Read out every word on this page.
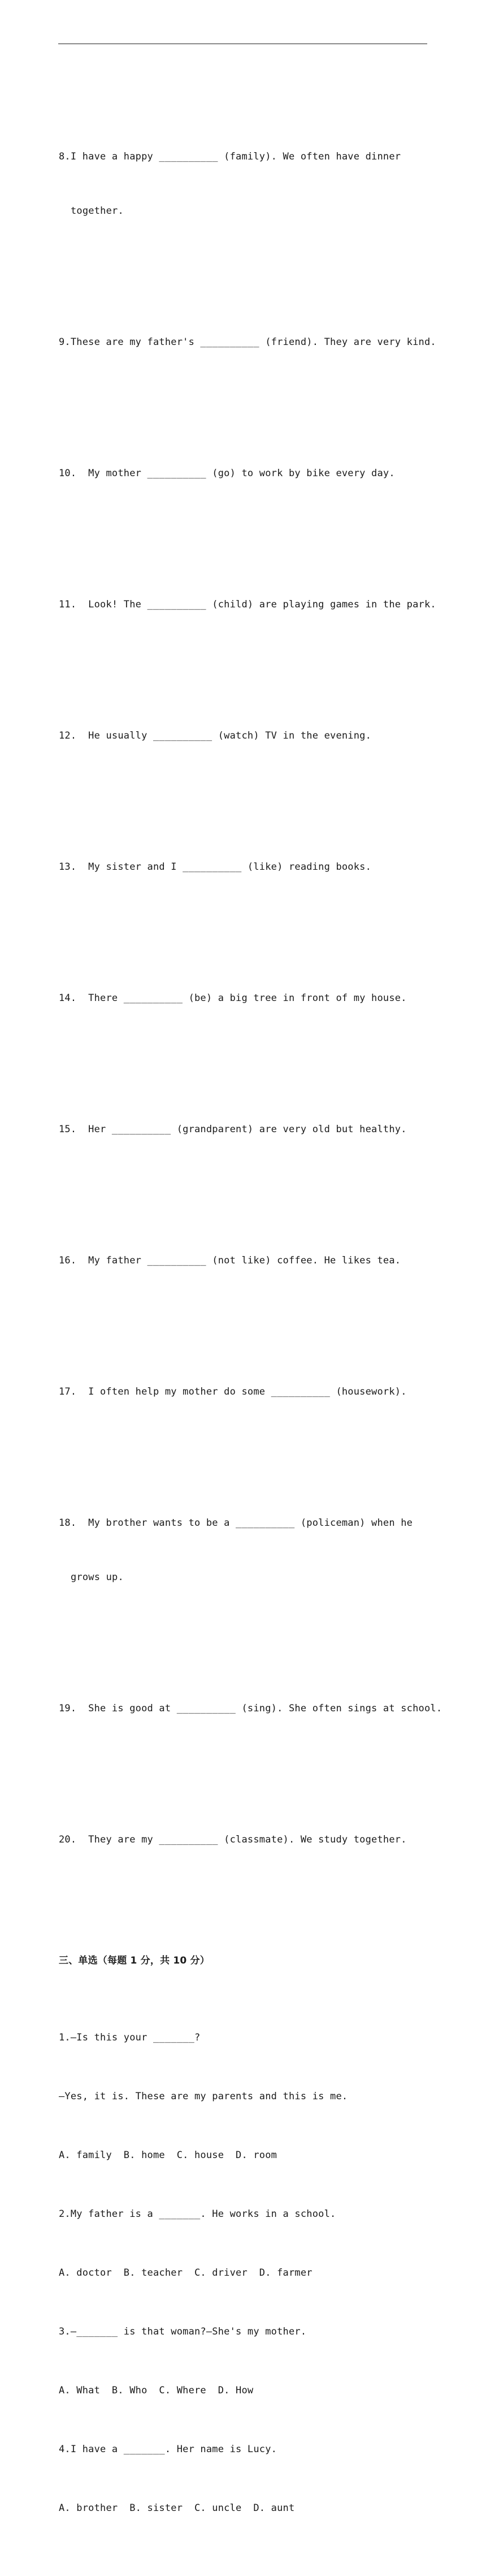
8.I have a happy __________ (family). We often have dinner

together.

9.These are my father's __________ (friend). They are very kind.

10.  My mother __________ (go) to work by bike every day.

11.  Look! The __________ (child) are playing games in the park.

12.  He usually __________ (watch) TV in the evening.

13.  My sister and I __________ (like) reading books.

14.  There __________ (be) a big tree in front of my house.

15.  Her __________ (grandparent) are very old but healthy.

16.  My father __________ (not like) coffee. He likes tea.

17.  I often help my mother do some __________ (housework).

18.  My brother wants to be a __________ (policeman) when he

grows up.

19.  She is good at __________ (sing). She often sings at school.

20.  They are my __________ (classmate). We study together.

三、单选（每题 1 分，共 10 分）

1.—Is this your _______?

—Yes, it is. These are my parents and this is me.

A. family  B. home  C. house  D. room

2.My father is a _______. He works in a school.

A. doctor  B. teacher  C. driver  D. farmer

3.—_______ is that woman?—She's my mother.

A. What  B. Who  C. Where  D. How

4.I have a _______. Her name is Lucy.

A. brother  B. sister  C. uncle  D. aunt
